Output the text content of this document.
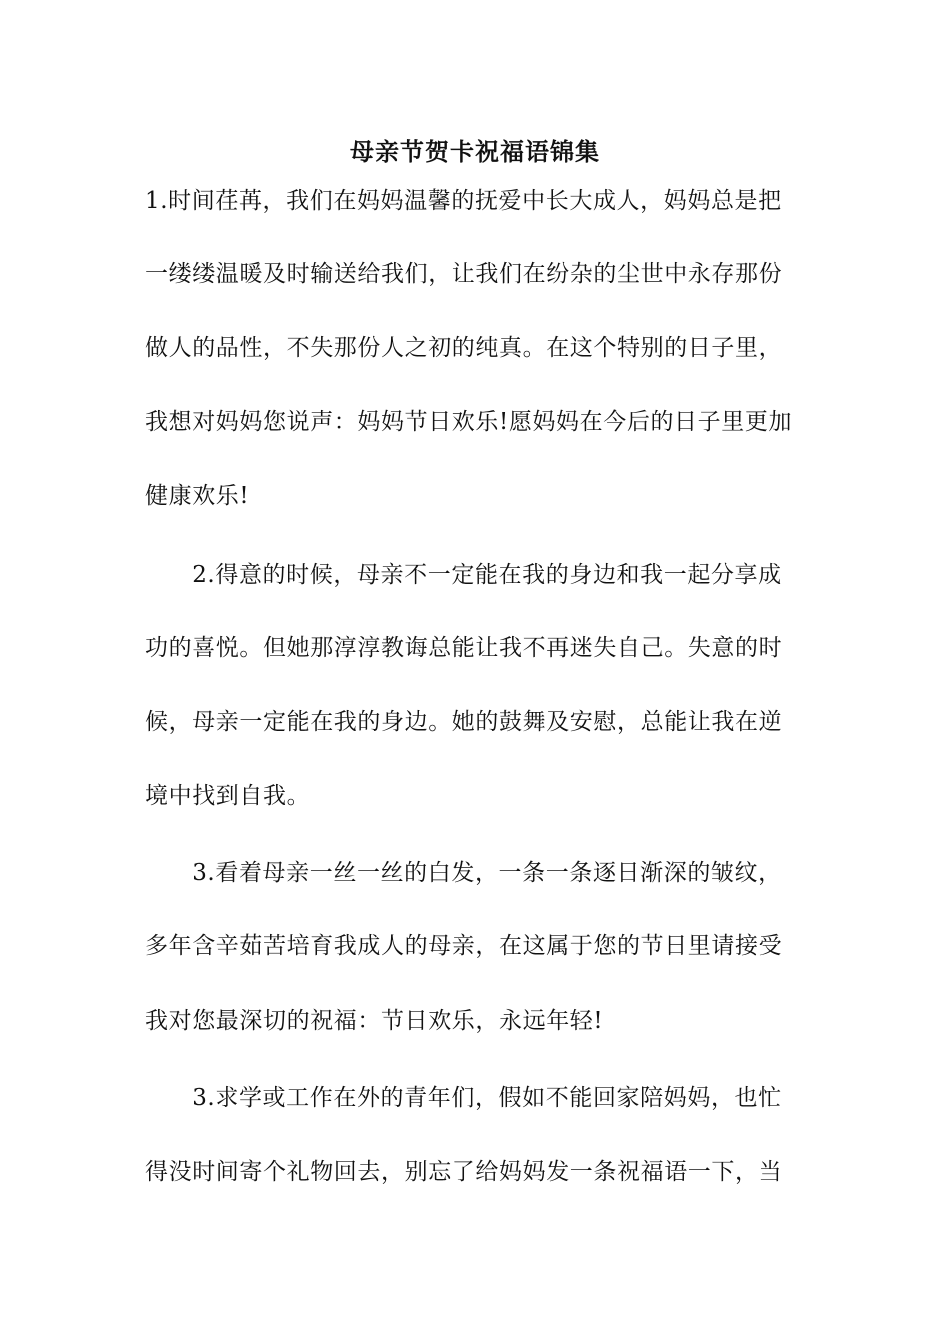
母亲节贺卡祝福语锦集
1.时间荏苒，我们在妈妈温馨的抚爱中长大成人，妈妈总是把
一缕缕温暖及时输送给我们，让我们在纷杂的尘世中永存那份
做人的品性，不失那份人之初的纯真。在这个特别的日子里，
我想对妈妈您说声：妈妈节日欢乐!愿妈妈在今后的日子里更加
健康欢乐!
　　2.得意的时候，母亲不一定能在我的身边和我一起分享成
功的喜悦。但她那淳淳教诲总能让我不再迷失自己。失意的时
候，母亲一定能在我的身边。她的鼓舞及安慰，总能让我在逆
境中找到自我。
　　3.看着母亲一丝一丝的白发，一条一条逐日渐深的皱纹，
多年含辛茹苦培育我成人的母亲，在这属于您的节日里请接受
我对您最深切的祝福：节日欢乐，永远年轻!
　　3.求学或工作在外的青年们，假如不能回家陪妈妈，也忙
得没时间寄个礼物回去，别忘了给妈妈发一条祝福语一下，当
